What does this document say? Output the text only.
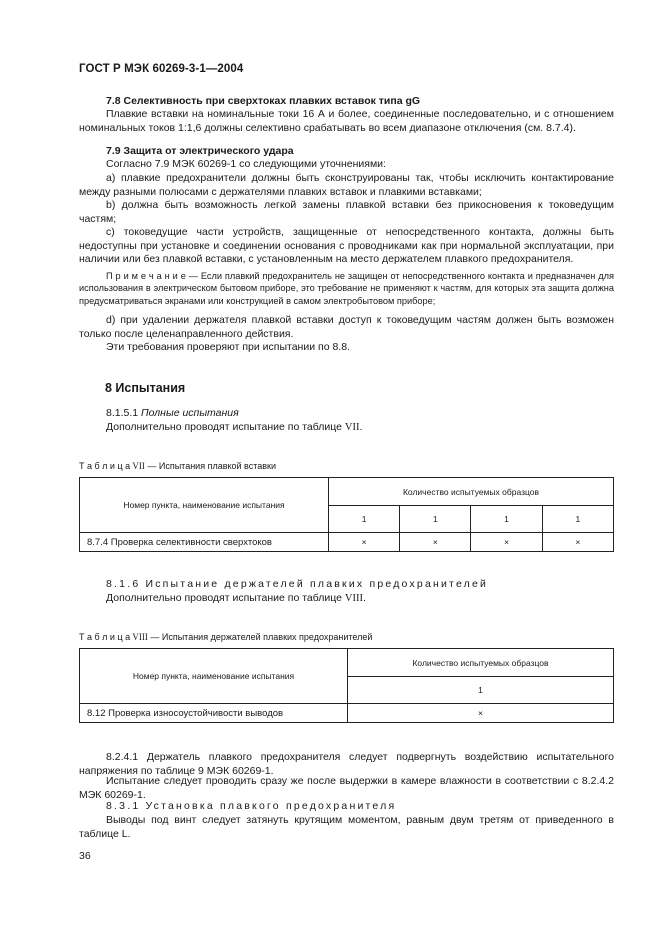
ГОСТ Р МЭК 60269-3-1—2004

7.8 Селективность при сверхтоках плавких вставок типа gG

Плавкие вставки на номинальные токи 16 А и более, соединенные последовательно, и с отношением номинальных токов 1:1,6 должны селективно срабатывать во всем диапазоне отключения (см. 8.7.4).

7.9 Защита от электрического удара

Согласно 7.9 МЭК 60269-1 со следующими уточнениями:

a) плавкие предохранители должны быть сконструированы так, чтобы исключить контактирование между разными полюсами с держателями плавких вставок и плавкими вставками;

b) должна быть возможность легкой замены плавкой вставки без прикосновения к токоведущим частям;

c) токоведущие части устройств, защищенные от непосредственного контакта, должны быть недоступны при установке и соединении основания с проводниками как при нормальной эксплуатации, при наличии или без плавкой вставки, с установленным на место держателем плавкого предохранителя.

П р и м е ч а н и е — Если плавкий предохранитель не защищен от непосредственного контакта и предназначен для использования в электрическом бытовом приборе, это требование не применяют к частям, для которых эта защита должна предусматриваться экранами или конструкцией в самом электробытовом приборе;

d) при удалении держателя плавкой вставки доступ к токоведущим частям должен быть возможен только после целенаправленного действия.

Эти требования проверяют при испытании по 8.8.

8 Испытания

8.1.5.1 Полные испытания

Дополнительно проводят испытание по таблице VII.

Т а б л и ц а VII — Испытания плавкой вставки
Номер пункта, наименование испытания	Количество испытуемых образцов			
	1	1	1	1
8.7.4 Проверка селективности сверхтоков	×	×	×	×

8.1.6 Испытание держателей плавких предохранителей

Дополнительно проводят испытание по таблице VIII.

Т а б л и ц а VIII — Испытания держателей плавких предохранителей
Номер пункта, наименование испытания	Количество испытуемых образцов
	1
8.12 Проверка износоустойчивости выводов	×

8.2.4.1 Держатель плавкого предохранителя следует подвергнуть воздействию испытательного напряжения по таблице 9 МЭК 60269-1.

Испытание следует проводить сразу же после выдержки в камере влажности в соответствии с 8.2.4.2 МЭК 60269-1.

8.3.1 Установка плавкого предохранителя

Выводы под винт следует затянуть крутящим моментом, равным двум третям от приведенного в таблице L.

36
